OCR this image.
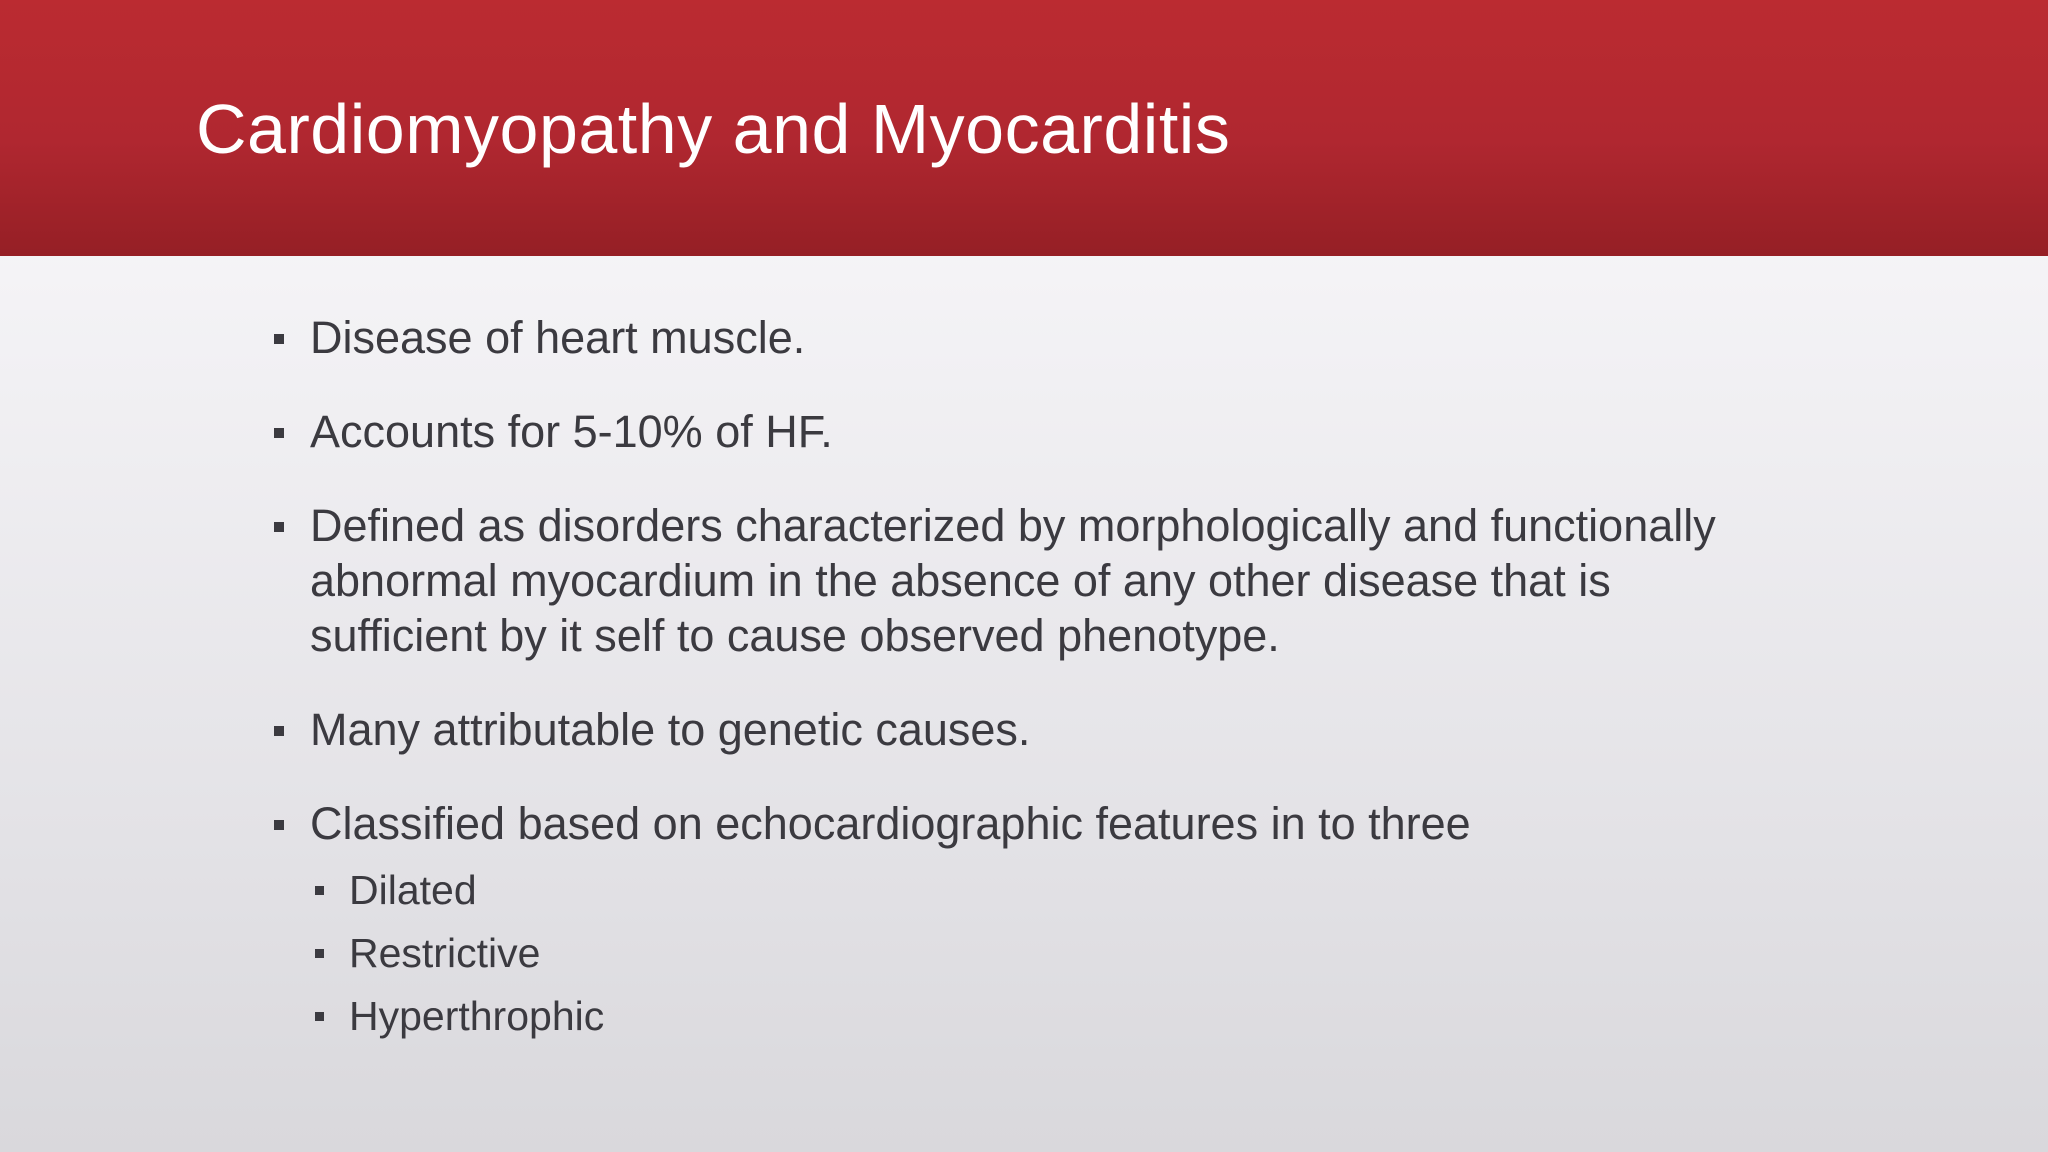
Cardiomyopathy and Myocarditis
Disease of heart muscle.
Accounts for 5-10% of HF.
Defined as disorders characterized by morphologically and functionally abnormal myocardium in the absence of any other disease that is sufficient by it self to cause observed phenotype.
Many attributable to genetic causes.
Classified based on echocardiographic features in to three
Dilated
Restrictive
Hyperthrophic
